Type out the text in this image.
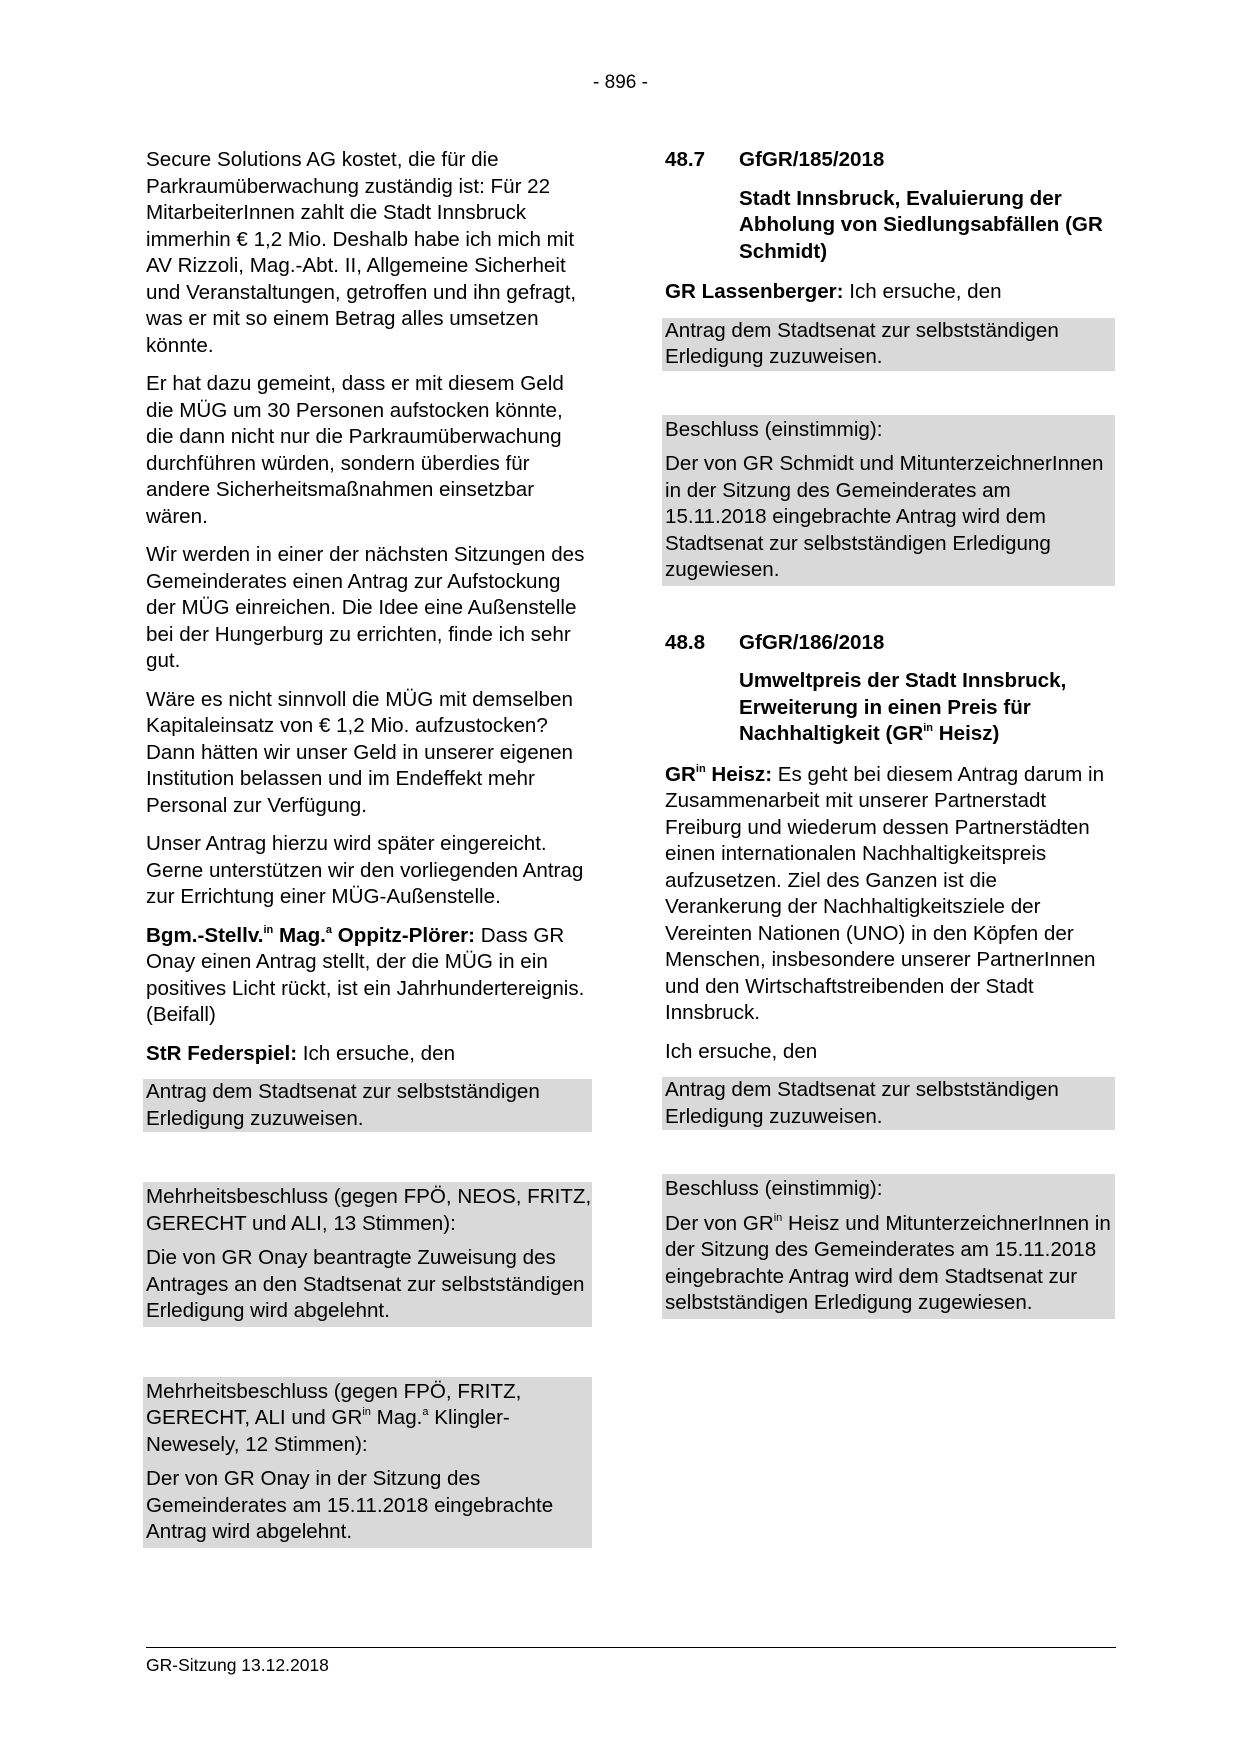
- 896 -

Secure Solutions AG kostet, die für die Parkraumüberwachung zuständig ist: Für 22 MitarbeiterInnen zahlt die Stadt Innsbruck immerhin € 1,2 Mio. Deshalb habe ich mich mit AV Rizzoli, Mag.-Abt. II, Allgemeine Sicherheit und Veranstaltungen, getroffen und ihn gefragt, was er mit so einem Betrag alles umsetzen könnte.

Er hat dazu gemeint, dass er mit diesem Geld die MÜG um 30 Personen aufstocken könnte, die dann nicht nur die Parkraumüberwachung durchführen würden, sondern überdies für andere Sicherheitsmaßnahmen einsetzbar wären.

Wir werden in einer der nächsten Sitzungen des Gemeinderates einen Antrag zur Aufstockung der MÜG einreichen. Die Idee eine Außenstelle bei der Hungerburg zu errichten, finde ich sehr gut.

Wäre es nicht sinnvoll die MÜG mit demselben Kapitaleinsatz von € 1,2 Mio. aufzustocken? Dann hätten wir unser Geld in unserer eigenen Institution belassen und im Endeffekt mehr Personal zur Verfügung.

Unser Antrag hierzu wird später eingereicht. Gerne unterstützen wir den vorliegenden Antrag zur Errichtung einer MÜG-Außenstelle.

Bgm.-Stellv.$^{in}$ Mag.$^a$ Oppitz-Plörer: Dass GR Onay einen Antrag stellt, der die MÜG in ein positives Licht rückt, ist ein Jahrhundertereignis. (Beifall)

StR Federspiel: Ich ersuche, den

Antrag dem Stadtsenat zur selbstständigen Erledigung zuzuweisen.

Mehrheitsbeschluss (gegen FPÖ, NEOS, FRITZ, GERECHT und ALI, 13 Stimmen):

Die von GR Onay beantragte Zuweisung des Antrages an den Stadtsenat zur selbstständigen Erledigung wird abgelehnt.

Mehrheitsbeschluss (gegen FPÖ, FRITZ, GERECHT, ALI und $GR^{in}$ Mag.$^a$ Klingler-Newesely, 12 Stimmen):

Der von GR Onay in der Sitzung des Gemeinderates am 15.11.2018 eingebrachte Antrag wird abgelehnt.

48.7	GfGR/185/2018
Stadt Innsbruck, Evaluierung der Abholung von Siedlungsabfällen (GR Schmidt)

GR Lassenberger: Ich ersuche, den

Antrag dem Stadtsenat zur selbstständigen Erledigung zuzuweisen.

Beschluss (einstimmig):

Der von GR Schmidt und MitunterzeichnerInnen in der Sitzung des Gemeinderates am 15.11.2018 eingebrachte Antrag wird dem Stadtsenat zur selbstständigen Erledigung zugewiesen.

48.8	GfGR/186/2018
Umweltpreis der Stadt Innsbruck, Erweiterung in einen Preis für Nachhaltigkeit ($GR^{in}$ Heisz)

$GR^{in}$ Heisz: Es geht bei diesem Antrag darum in Zusammenarbeit mit unserer Partnerstadt Freiburg und wiederum dessen Partnerstädten einen internationalen Nachhaltigkeitspreis aufzusetzen. Ziel des Ganzen ist die Verankerung der Nachhaltigkeitsziele der Vereinten Nationen (UNO) in den Köpfen der Menschen, insbesondere unserer PartnerInnen und den Wirtschaftstreibenden der Stadt Innsbruck.

Ich ersuche, den

Antrag dem Stadtsenat zur selbstständigen Erledigung zuzuweisen.

Beschluss (einstimmig):

Der von $GR^{in}$ Heisz und MitunterzeichnerInnen in der Sitzung des Gemeinderates am 15.11.2018 eingebrachte Antrag wird dem Stadtsenat zur selbstständigen Erledigung zugewiesen.

GR-Sitzung 13.12.2018
